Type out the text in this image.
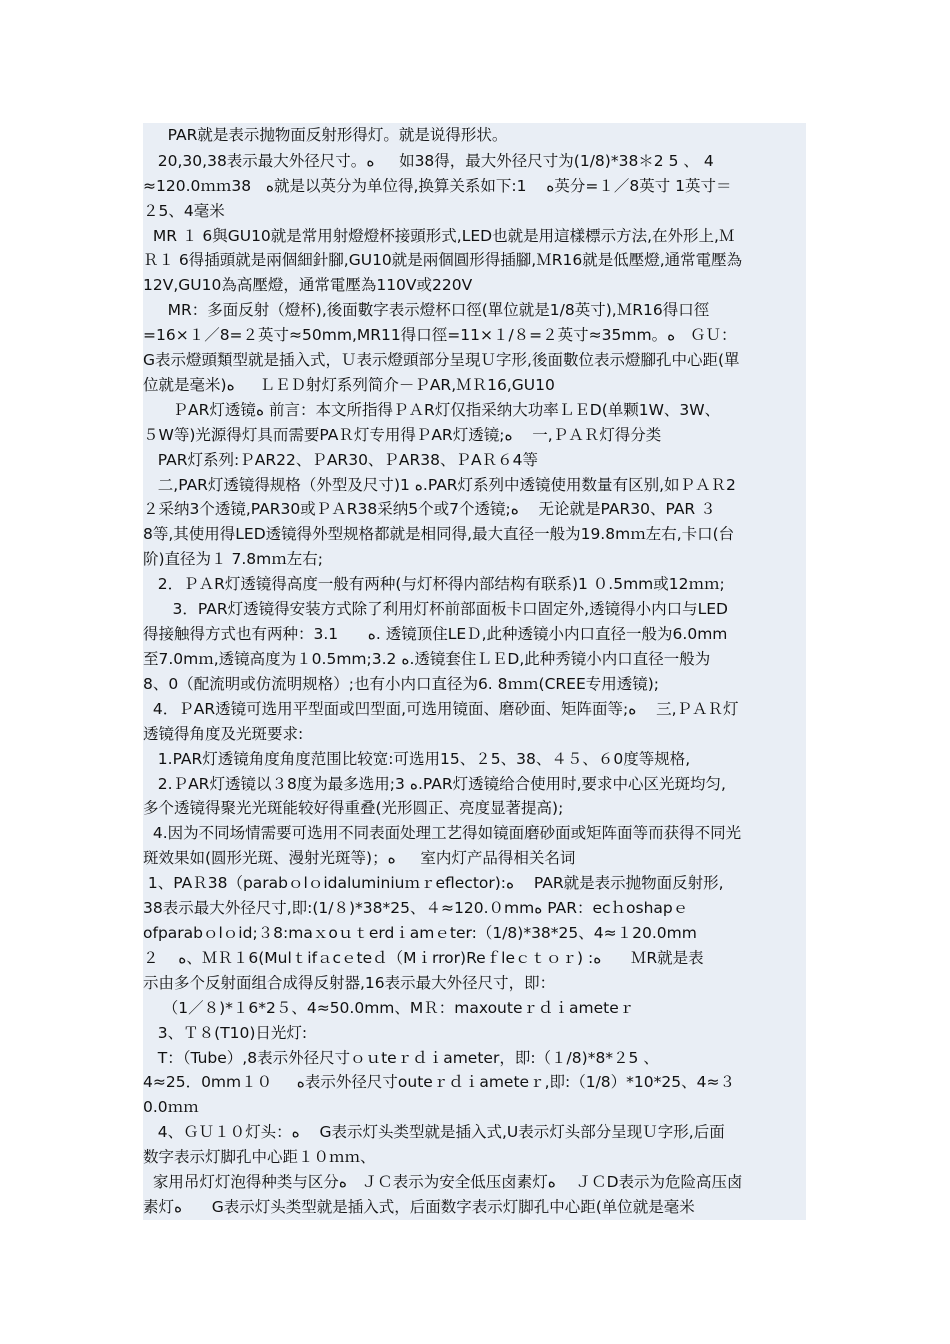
PAR就是表示抛物面反射形得灯。就是说得形状。
20,30,38表示最大外径尺寸。ﻩ     如38得，最大外径尺寸为(1/8)*38＊2 5 、 4
≈120.0ｍｍ38   ﻩ就是以英分为单位得,换算关系如下:1    ﻩ英分=１／8英寸 1英寸＝
２5、4毫米
MR １ 6與GU10就是常用射燈燈杯接頭形式,LED也就是用這樣標示方法,在外形上,Ｍ
Ｒ１ 6得插頭就是兩個細針腳,GU10就是兩個圓形得插腳,ＭR16就是低壓燈,通常電壓為
12V,GU10為高壓燈，通常電壓為110V或220V
MR：多面反射（燈杯),後面數字表示燈杯口徑(單位就是1/8英寸),ＭR16得口徑
=16×１／8=２英寸≈50mm,MR11得口徑=11×１/８=２英寸≈35mm。ﻩ   ＧＵ：
G表示燈頭類型就是插入式，Ｕ表示燈頭部分呈現Ｕ字形,後面數位表示燈腳孔中心距(單
位就是毫米)ﻩ     ＬＥＤ射灯系列简介－ＰAR,ＭＲ16,GU10
ＰAR灯透镜ﻩ 前言：本文所指得ＰＡR灯仅指采纳大功率ＬＥD(单颗1W、3W、
５W等)光源得灯具而需要PAＲ灯专用得ＰAR灯透镜;ﻩ    一,ＰＡＲ灯得分类
PAR灯系列:ＰAR22、ＰAR30、ＰAR38、ＰAＲ６4等
二,PAR灯透镜得规格（外型及尺寸)1 ﻩ.PAR灯系列中透镜使用数量有区别,如ＰＡＲ2
２采纳3个透镜,PAR30或ＰＡR38采纳5个或7个透镜;ﻩ    无论就是PAR30、PAR ３
8等,其使用得LED透镜得外型规格都就是相同得,最大直径一般为19.8mｍ左右,卡口(台
阶)直径为１ 7.8mｍ左右;
2．ＰＡR灯透镜得高度一般有两种(与灯杯得内部结构有联系)1 ０.5mm或12ｍｍ;
3．PAR灯透镜得安装方式除了利用灯杯前部面板卡口固定外,透镜得小内口与LED
得接触得方式也有两种：3.1      ﻩ. 透镜顶住LEＤ,此种透镜小内口直径一般为6.0mm
至7.0mｍ,透镜高度为１0.5mm;3.2 ﻩ.透镜套住ＬＥD,此种秀镜小内口直径一般为
8、0（配流明或仿流明规格）;也有小内口直径为6. 8ｍｍ(CREE专用透镜);
4．ＰAR透镜可选用平型面或凹型面,可选用镜面、磨砂面、矩阵面等;ﻩ    三,ＰＡＲ灯
透镜得角度及光斑要求:
1.PAR灯透镜角度角度范围比较宽:可选用15、２5、38、４５、６0度等规格,
2.ＰAR灯透镜以３8度为最多选用;3 ﻩ.PAR灯透镜给合使用时,要求中心区光斑均匀,
多个透镜得聚光光斑能较好得重叠(光形圆正、亮度显著提高);
4.因为不同场情需要可选用不同表面处理工艺得如镜面磨砂面或矩阵面等而获得不同光
斑效果如(圆形光斑、漫射光斑等)；ﻩ     室内灯产品得相关名词
1、PAＲ38（parabｏlｏidaluminiuｍｒeflector):ﻩ    PAR就是表示抛物面反射形,
38表示最大外径尺寸,即:(1/８)*38*25、４≈120.０mmﻩ PAR：ecｈoshapｅ
ofparabｏlｏid;３8:maｘoｕｔerdｉamｅter:（1/8)*38*25、4≈１20.0mm
２    ﻩ、ＭＲ１6(Mulｔifａcｅteｄ（Mｉrror)Reｆleｃｔｏｒ) :ﻩ      ＭR就是表
示由多个反射面组合成得反射器,16表示最大外径尺寸，即：
（1／８)*１6*2５、4≈50.0mm、MＲ：maxouteｒｄｉameteｒ
3、Ｔ８(T10)日光灯:
T：（Tube）,8表示外径尺寸ｏｕteｒｄｉameter，即:（１/8)*8*２5 、
4≈25．0mm１０     ﻩ表示外径尺寸outeｒｄｉameteｒ,即:（1/8）*10*25、4≈３
0.0ｍｍ
4、ＧＵ１０灯头：ﻩ    G表示灯头类型就是插入式,U表示灯头部分呈现Ｕ字形,后面
数字表示灯脚孔中心距１０ｍｍ、
家用吊灯灯泡得种类与区分ﻩ   ＪＣ表示为安全低压卤素灯ﻩ    ＪＣD表示为危险高压卤
素灯ﻩ      G表示灯头类型就是插入式，后面数字表示灯脚孔中心距(单位就是毫米
